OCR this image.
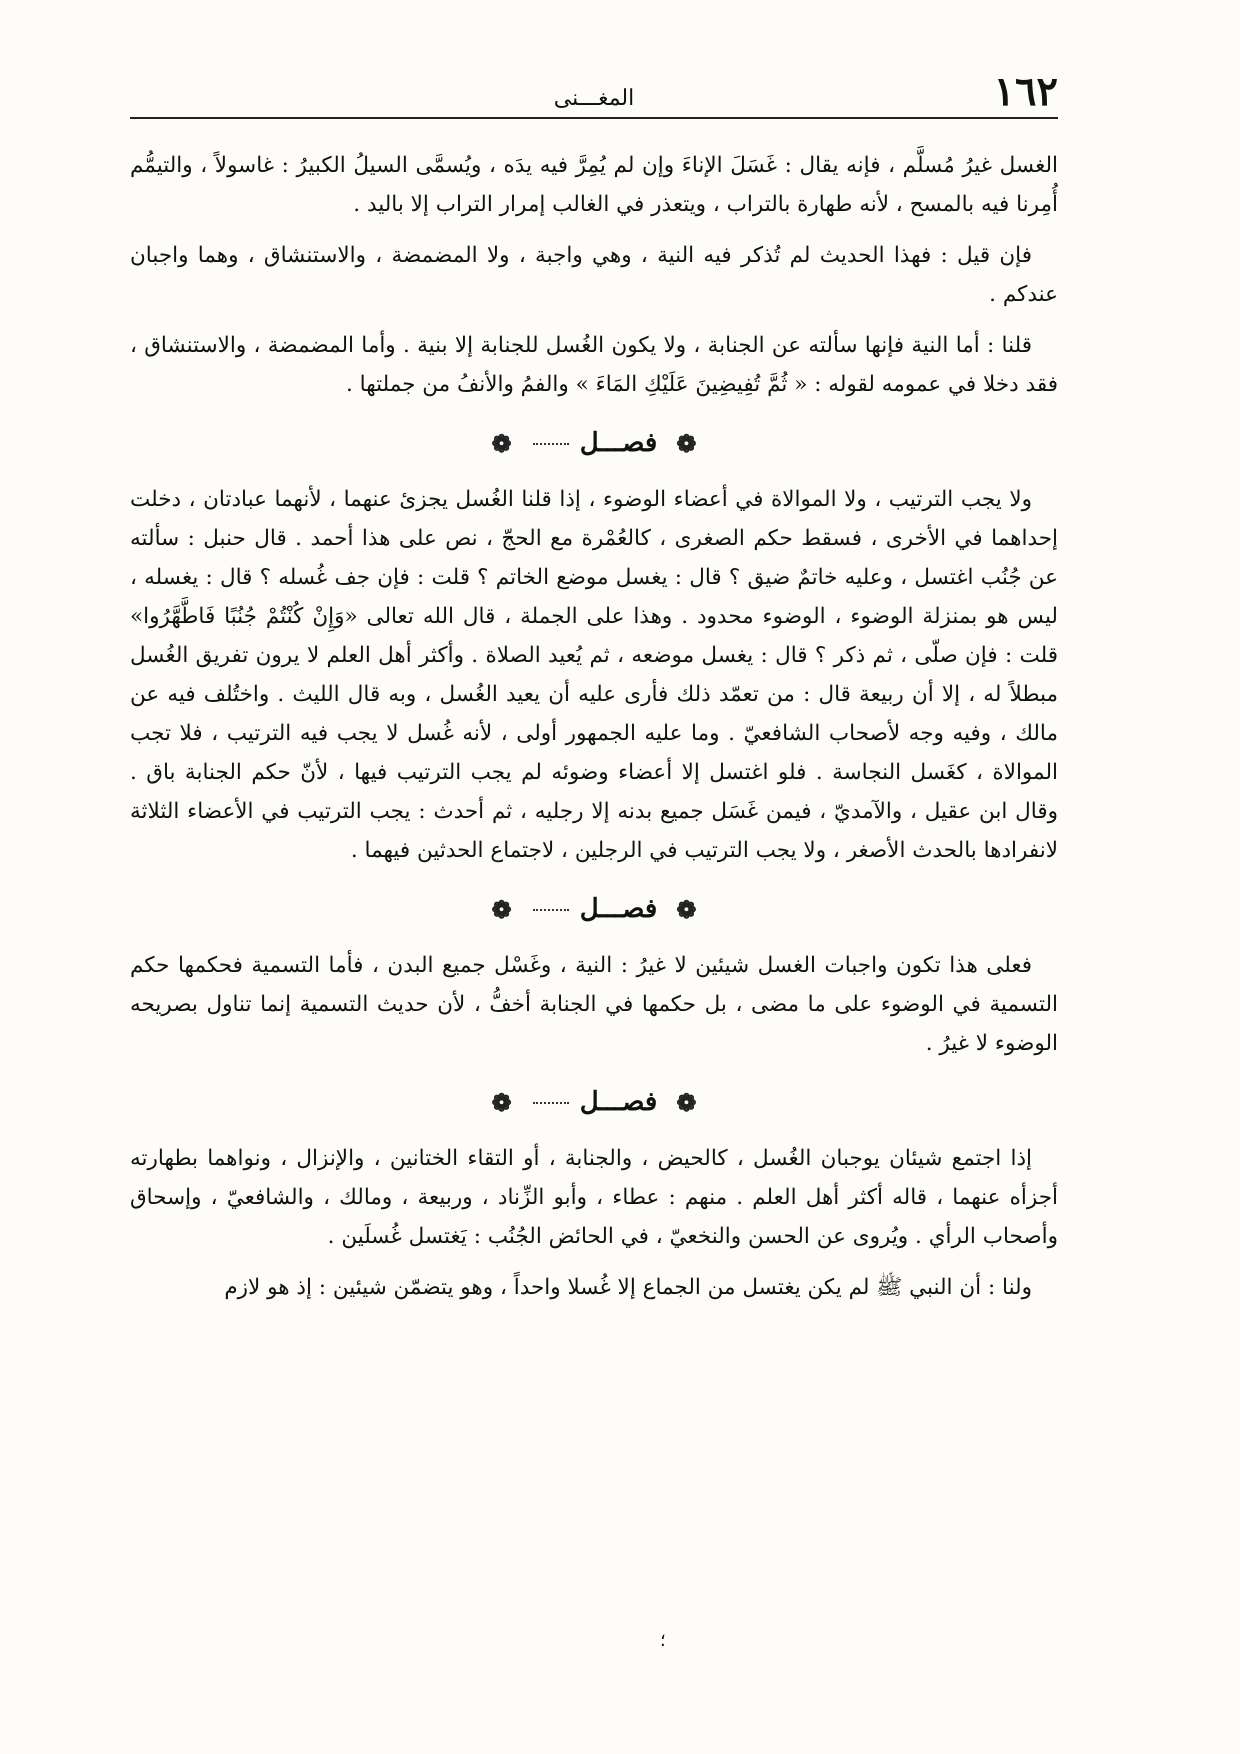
١٦٢
المغـــنى

الغسل غيرُ مُسلَّم ، فإنه يقال : غَسَلَ الإناءَ وإن لم يُمِرَّ فيه يدَه ، ويُسمَّى السيلُ الكبيرُ : غاسولاً ، والتيمُّم أُمِرنا فيه بالمسح ، لأنه طهارة بالتراب ، ويتعذر في الغالب إمرار التراب إلا باليد .

فإن قيل : فهذا الحديث لم تُذكر فيه النية ، وهي واجبة ، ولا المضمضة ، والاستنشاق ، وهما واجبان عندكم .

قلنا : أما النية فإنها سألته عن الجنابة ، ولا يكون الغُسل للجنابة إلا بنية . وأما المضمضة ، والاستنشاق ، فقد دخلا في عمومه لقوله : « ثُمَّ تُفِيضِينَ عَلَيْكِ المَاءَ » والفمُ والأنفُ من جملتها .

❁ فصـــل  ❁

ولا يجب الترتيب ، ولا الموالاة في أعضاء الوضوء ، إذا قلنا الغُسل يجزئ عنهما ، لأنهما عبادتان ، دخلت إحداهما في الأخرى ، فسقط حكم الصغرى ، كالعُمْرة مع الحجّ ، نص على هذا أحمد . قال حنبل : سألته عن جُنُب اغتسل ، وعليه خاتمٌ ضيق ؟ قال : يغسل موضع الخاتم ؟ قلت : فإن جف غُسله ؟ قال : يغسله ، ليس هو بمنزلة الوضوء ، الوضوء محدود . وهذا على الجملة ، قال الله تعالى «وَإِنْ كُنْتُمْ جُنُبًا فَاطَّهَّرُوا» قلت : فإن صلّى ، ثم ذكر ؟ قال : يغسل موضعه ، ثم يُعيد الصلاة . وأكثر أهل العلم لا يرون تفريق الغُسل مبطلاً له ، إلا أن ربيعة قال : من تعمّد ذلك فأرى عليه أن يعيد الغُسل ، وبه قال الليث . واختُلف فيه عن مالك ، وفيه وجه لأصحاب الشافعيّ . وما عليه الجمهور أولى ، لأنه غُسل لا يجب فيه الترتيب ، فلا تجب الموالاة ، كغَسل النجاسة . فلو اغتسل إلا أعضاء وضوئه لم يجب الترتيب فيها ، لأنّ حكم الجنابة باق . وقال ابن عقيل ، والآمديّ ، فيمن غَسَل جميع بدنه إلا رجليه ، ثم أحدث : يجب الترتيب في الأعضاء الثلاثة لانفرادها بالحدث الأصغر ، ولا يجب الترتيب في الرجلين ، لاجتماع الحدثين فيهما .

❁ فصـــل  ❁

فعلى هذا تكون واجبات الغسل شيئين لا غيرُ : النية ، وغَسْل جميع البدن ، فأما التسمية فحكمها حكم التسمية في الوضوء على ما مضى ، بل حكمها في الجنابة أخفُّ ، لأن حديث التسمية إنما تناول بصريحه الوضوء لا غيرُ .

❁ فصـــل  ❁

إذا اجتمع شيئان يوجبان الغُسل ، كالحيض ، والجنابة ، أو التقاء الختانين ، والإنزال ، ونواهما بطهارته أجزأه عنهما ، قاله أكثر أهل العلم . منهم : عطاء ، وأبو الزِّناد ، وربيعة ، ومالك ، والشافعيّ ، وإسحاق وأصحاب الرأي . ويُروى عن الحسن والنخعيّ ، في الحائض الجُنُب : يَغتسل غُسلَين .

ولنا : أن النبي ﷺ لم يكن يغتسل من الجماع إلا غُسلا واحداً ، وهو يتضمّن شيئين : إذ هو لازم

؛
